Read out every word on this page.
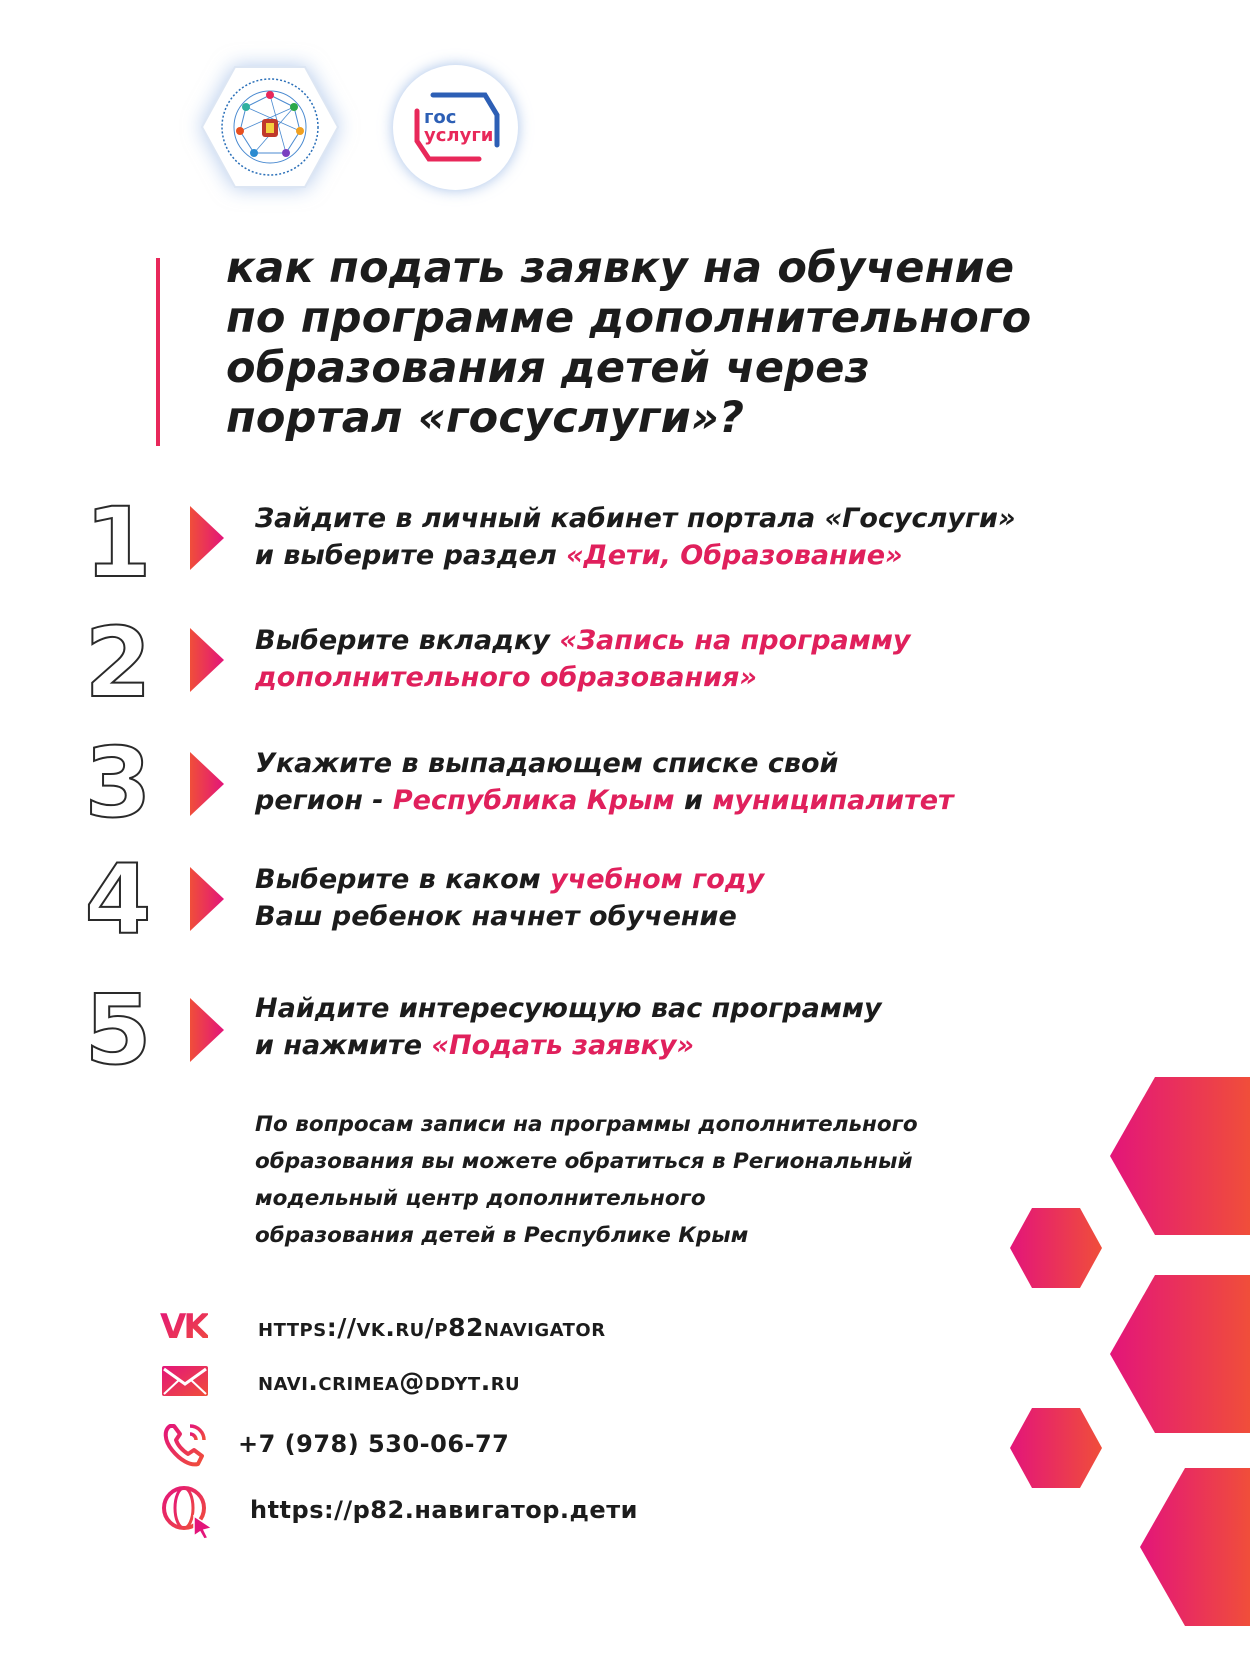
гос
услуги
как подать заявку на обучение
по программе дополнительного
образования детей через
портал «госуслуги»?
1	Зайдите в личный кабинет портала «Госуслуги»
и выберите раздел «Дети, Образование»
2	Выберите вкладку «Запись на программу
дополнительного образования»
3	Укажите в выпадающем списке свой
регион - Республика Крым и муниципалитет
4	Выберите в каком учебном году
Ваш ребенок начнет обучение
5	Найдите интересующую вас программу
и нажмите «Подать заявку»
По вопросам записи на программы дополнительного
образования вы можете обратиться в Региональный
модельный центр дополнительного
образования детей в Республике Крым
VK https://vk.ru/p82navigator
navi.crimea@ddyt.ru
+7 (978) 530-06-77
https://р82.навигатор.дети
